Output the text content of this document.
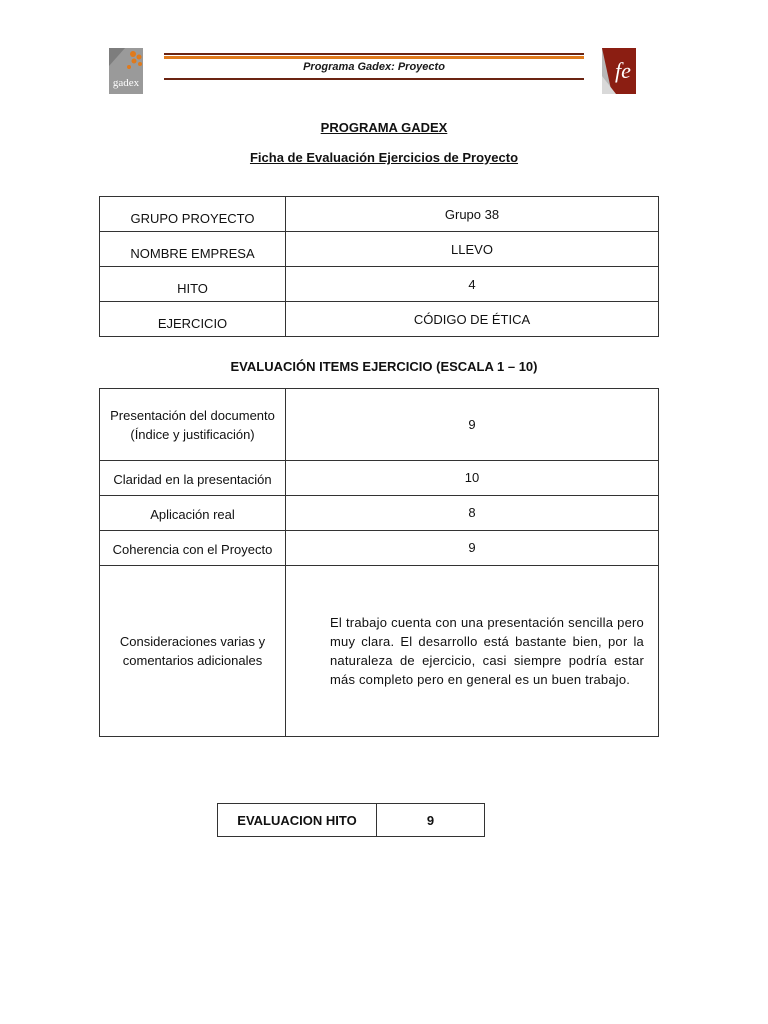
gadex
Programa Gadex: Proyecto	fe
PROGRAMA GADEX
Ficha de Evaluación Ejercicios de Proyecto
GRUPO PROYECTO	Grupo 38
NOMBRE EMPRESA	LLEVO
HITO	4
EJERCICIO	CÓDIGO DE ÉTICA
EVALUACIÓN ITEMS EJERCICIO (ESCALA 1 – 10)
Presentación del documento
(Índice y justificación)	9
Claridad en la presentación	10
Aplicación real	8
Coherencia con el Proyecto	9

Consideraciones varias y
comentarios adicionales	El trabajo cuenta con una presentación sencilla pero muy clara. El desarrollo está bastante bien, por la naturaleza de ejercicio, casi siempre podría estar más completo pero en general es un buen trabajo.
EVALUACION HITO	9
